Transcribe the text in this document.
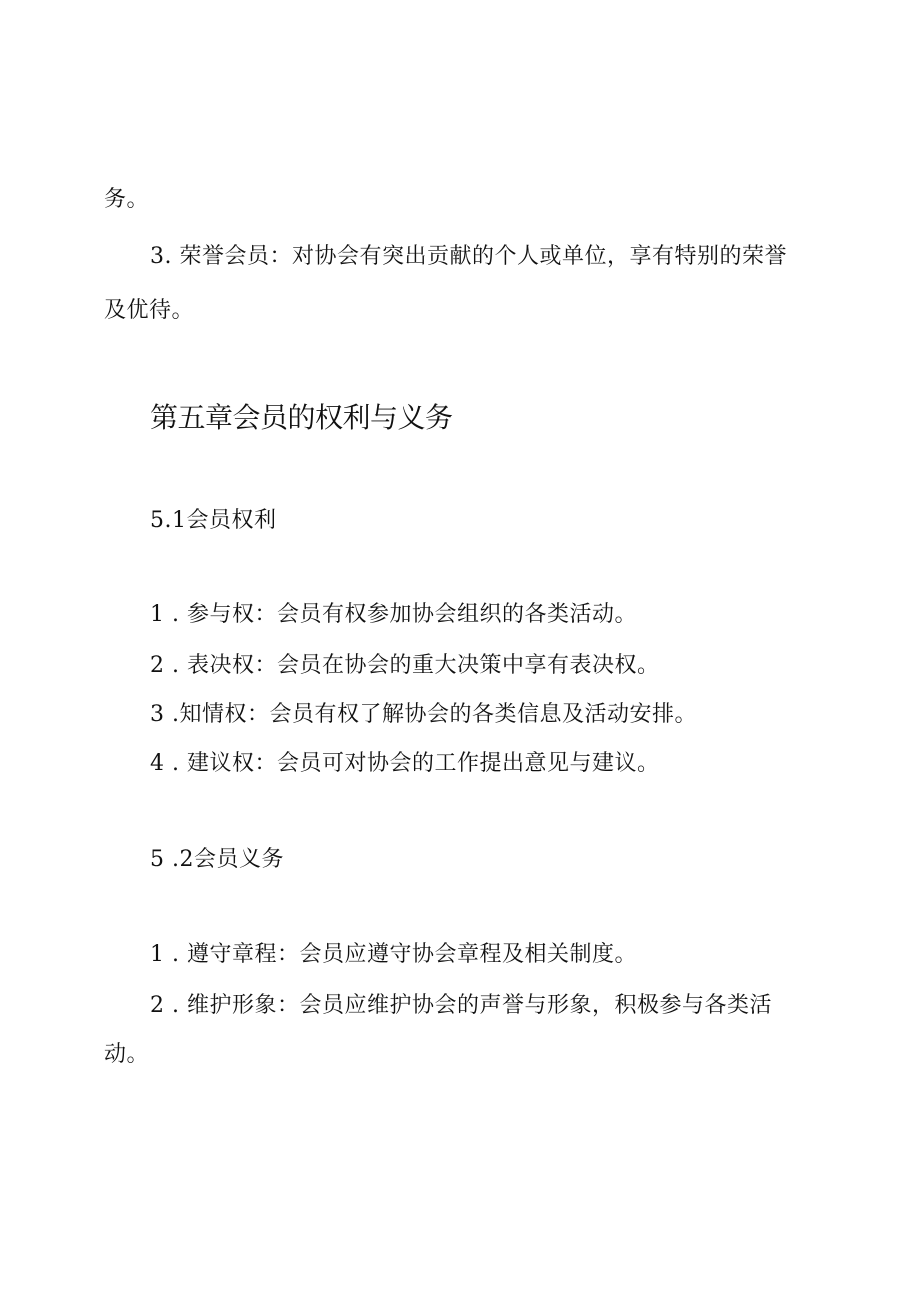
务。

3. 荣誉会员：对协会有突出贡献的个人或单位，享有特别的荣誉

及优待。

第五章会员的权利与义务

5.1会员权利

1 . 参与权：会员有权参加协会组织的各类活动。

2 . 表决权：会员在协会的重大决策中享有表决权。

3 .知情权：会员有权了解协会的各类信息及活动安排。

4 . 建议权：会员可对协会的工作提出意见与建议。

5 .2会员义务

1 . 遵守章程：会员应遵守协会章程及相关制度。

2 . 维护形象：会员应维护协会的声誉与形象，积极参与各类活

动。
